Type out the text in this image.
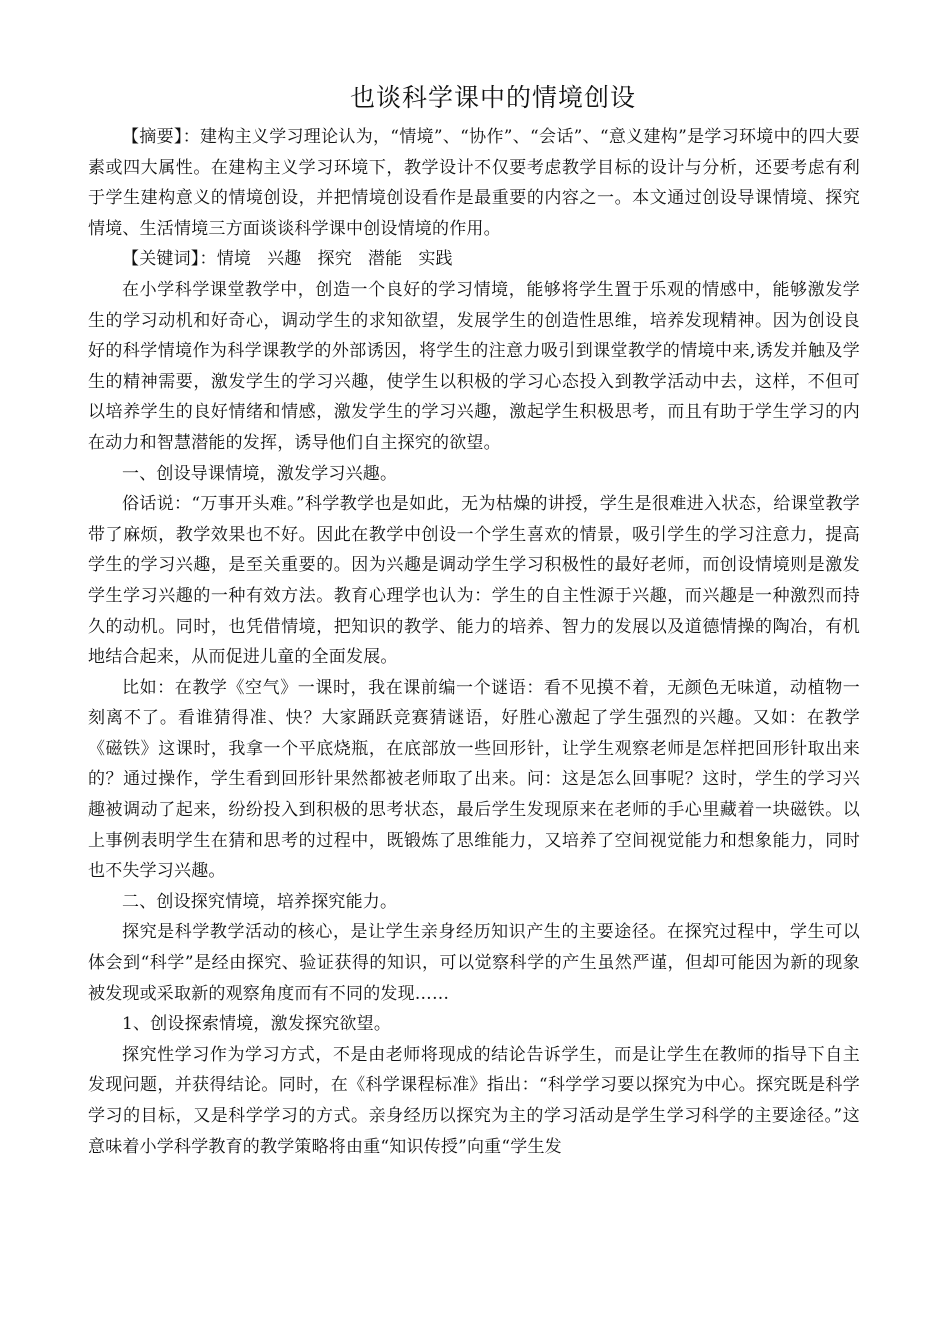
也谈科学课中的情境创设

【摘要】：建构主义学习理论认为，“情境”、“协作”、“会话”、“意义建构”是学习环境中的四大要素或四大属性。在建构主义学习环境下，教学设计不仅要考虑教学目标的设计与分析，还要考虑有利于学生建构意义的情境创设，并把情境创设看作是最重要的内容之一。本文通过创设导课情境、探究情境、生活情境三方面谈谈科学课中创设情境的作用。

【关键词】：情境 兴趣 探究 潜能 实践

在小学科学课堂教学中，创造一个良好的学习情境，能够将学生置于乐观的情感中，能够激发学生的学习动机和好奇心，调动学生的求知欲望，发展学生的创造性思维，培养发现精神。因为创设良好的科学情境作为科学课教学的外部诱因，将学生的注意力吸引到课堂教学的情境中来,诱发并触及学生的精神需要，激发学生的学习兴趣，使学生以积极的学习心态投入到教学活动中去，这样，不但可以培养学生的良好情绪和情感，激发学生的学习兴趣，激起学生积极思考，而且有助于学生学习的内在动力和智慧潜能的发挥，诱导他们自主探究的欲望。

一、创设导课情境，激发学习兴趣。

俗话说：“万事开头难。”科学教学也是如此，无为枯燥的讲授，学生是很难进入状态，给课堂教学带了麻烦，教学效果也不好。因此在教学中创设一个学生喜欢的情景，吸引学生的学习注意力，提高学生的学习兴趣，是至关重要的。因为兴趣是调动学生学习积极性的最好老师，而创设情境则是激发学生学习兴趣的一种有效方法。教育心理学也认为：学生的自主性源于兴趣，而兴趣是一种激烈而持久的动机。同时，也凭借情境，把知识的教学、能力的培养、智力的发展以及道德情操的陶冶，有机地结合起来，从而促进儿童的全面发展。

比如：在教学《空气》一课时，我在课前编一个谜语：看不见摸不着，无颜色无味道，动植物一刻离不了。看谁猜得准、快？大家踊跃竞赛猜谜语，好胜心激起了学生强烈的兴趣。又如：在教学《磁铁》这课时，我拿一个平底烧瓶，在底部放一些回形针，让学生观察老师是怎样把回形针取出来的？通过操作，学生看到回形针果然都被老师取了出来。问：这是怎么回事呢？这时，学生的学习兴趣被调动了起来，纷纷投入到积极的思考状态，最后学生发现原来在老师的手心里藏着一块磁铁。以上事例表明学生在猜和思考的过程中，既锻炼了思维能力，又培养了空间视觉能力和想象能力，同时也不失学习兴趣。

二、创设探究情境，培养探究能力。

探究是科学教学活动的核心，是让学生亲身经历知识产生的主要途径。在探究过程中，学生可以体会到“科学”是经由探究、验证获得的知识，可以觉察科学的产生虽然严谨，但却可能因为新的现象被发现或采取新的观察角度而有不同的发现……

1、创设探索情境，激发探究欲望。

探究性学习作为学习方式，不是由老师将现成的结论告诉学生，而是让学生在教师的指导下自主发现问题，并获得结论。同时，在《科学课程标准》指出：“科学学习要以探究为中心。探究既是科学学习的目标，又是科学学习的方式。亲身经历以探究为主的学习活动是学生学习科学的主要途径。”这意味着小学科学教育的教学策略将由重“知识传授”向重“学生发
